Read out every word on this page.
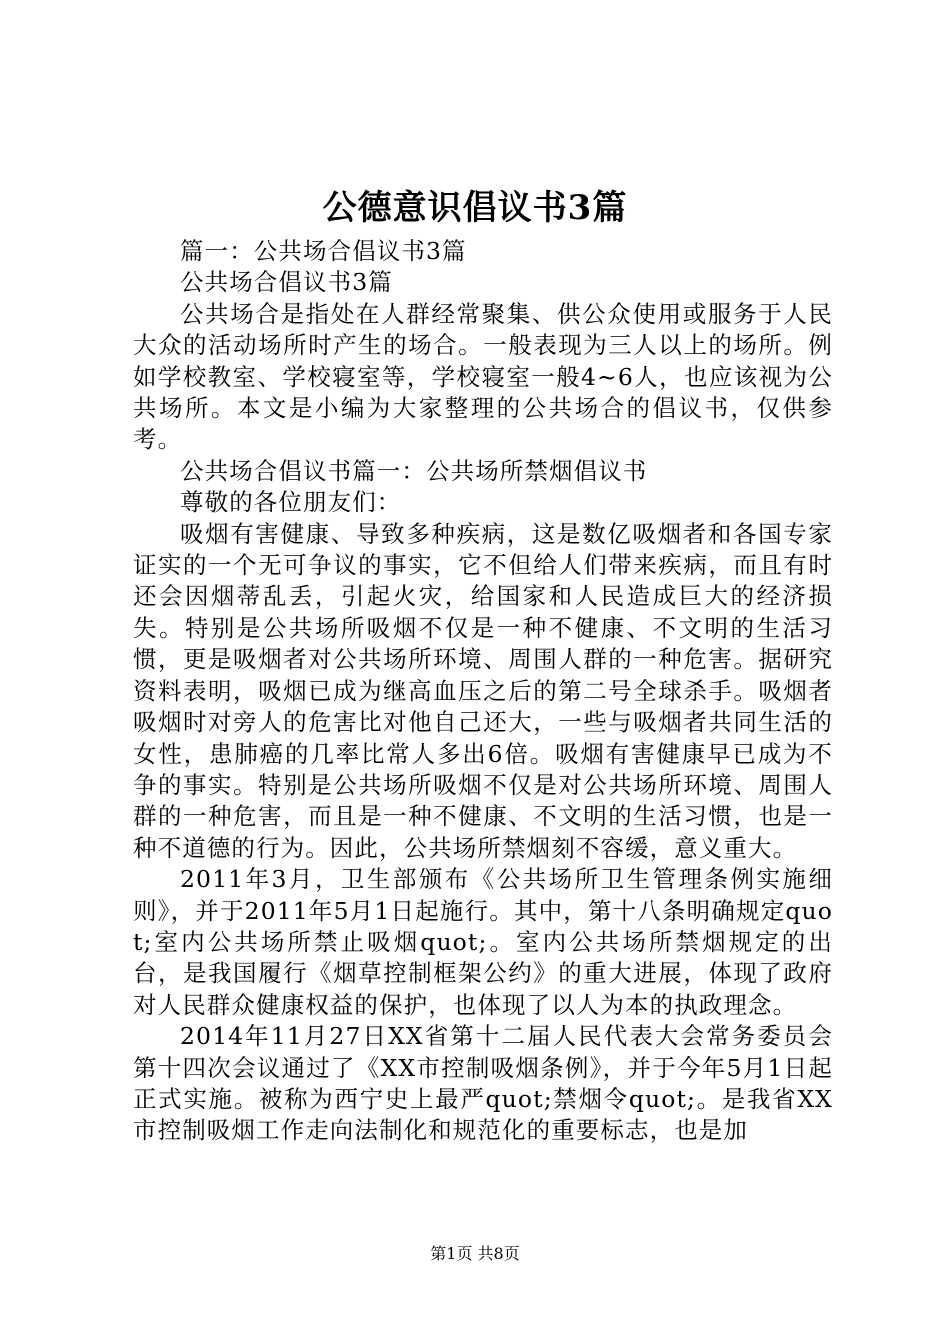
公德意识倡议书3篇

篇一：公共场合倡议书3篇

公共场合倡议书3篇

公共场合是指处在人群经常聚集、供公众使用或服务于人民大众的活动场所时产生的场合。一般表现为三人以上的场所。例如学校教室、学校寝室等，学校寝室一般4~6人，也应该视为公共场所。本文是小编为大家整理的公共场合的倡议书，仅供参考。

公共场合倡议书篇一：公共场所禁烟倡议书

尊敬的各位朋友们：

吸烟有害健康、导致多种疾病，这是数亿吸烟者和各国专家证实的一个无可争议的事实，它不但给人们带来疾病，而且有时还会因烟蒂乱丢，引起火灾，给国家和人民造成巨大的经济损失。特别是公共场所吸烟不仅是一种不健康、不文明的生活习惯，更是吸烟者对公共场所环境、周围人群的一种危害。据研究资料表明，吸烟已成为继高血压之后的第二号全球杀手。吸烟者吸烟时对旁人的危害比对他自己还大，一些与吸烟者共同生活的女性，患肺癌的几率比常人多出6倍。吸烟有害健康早已成为不争的事实。特别是公共场所吸烟不仅是对公共场所环境、周围人群的一种危害，而且是一种不健康、不文明的生活习惯，也是一种不道德的行为。因此，公共场所禁烟刻不容缓，意义重大。

2011年3月，卫生部颁布《公共场所卫生管理条例实施细则》，并于2011年5月1日起施行。其中，第十八条明确规定quot;室内公共场所禁止吸烟quot;。室内公共场所禁烟规定的出台，是我国履行《烟草控制框架公约》的重大进展，体现了政府对人民群众健康权益的保护，也体现了以人为本的执政理念。

2014年11月27日XX省第十二届人民代表大会常务委员会第十四次会议通过了《XX市控制吸烟条例》，并于今年5月1日起正式实施。被称为西宁史上最严quot;禁烟令quot;。是我省XX市控制吸烟工作走向法制化和规范化的重要标志，也是加

第1页 共8页
